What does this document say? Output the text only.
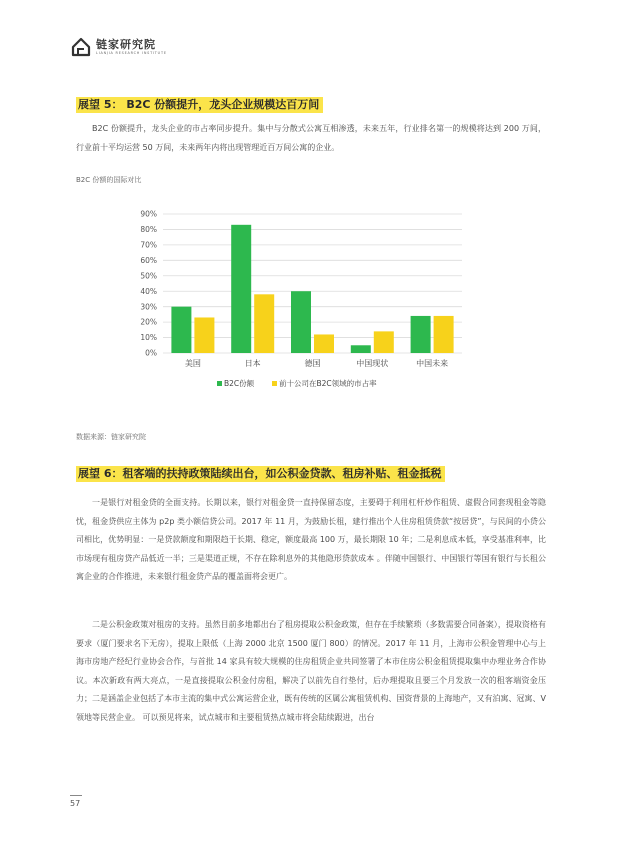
链家研究院
LIANJIA RESEARCH INSTITUTE
展望 5： B2C 份额提升，龙头企业规模达百万间

B2C 份额提升，龙头企业的市占率同步提升。集中与分散式公寓互相渗透，未来五年，行业排名第一的规模将达到 200 万间，行业前十平均运营 50 万间，未来两年内将出现管理近百万间公寓的企业。

B2C 份额的国际对比
0%
10%
20%
30%
40%
50%
60%
70%
80%
90%
美国	日本	德国	中国现状	中国未来
B2C份额	前十公司在B2C领域的市占率
数据来源：链家研究院
展望 6：租客端的扶持政策陆续出台，如公积金贷款、租房补贴、租金抵税

一是银行对租金贷的全面支持。长期以来，银行对租金贷一直持保留态度，主要碍于利用杠杆炒作租赁、虚假合同套现租金等隐忧，租金贷供应主体为 p2p 类小额信贷公司。2017 年 11 月，为鼓励长租，建行推出个人住房租赁贷款“按居贷”，与民间的小贷公司相比，优势明显：一是贷款额度和期限趋于长期、稳定，额度最高 100 万，最长期限 10 年；二是利息成本低，享受基准利率，比市场现有租房贷产品低近一半；三是渠道正规，不存在除利息外的其他隐形贷款成本 。伴随中国银行、中国银行等国有银行与长租公寓企业的合作推进，未来银行租金贷产品的覆盖面将会更广。

二是公积金政策对租房的支持。虽然目前多地都出台了租房提取公积金政策，但存在手续繁琐（多数需要合同备案），提取资格有要求（厦门要求名下无房），提取上限低（上海 2000 北京 1500 厦门 800）的情况。2017 年 11 月，上海市公积金管理中心与上海市房地产经纪行业协会合作，与首批 14 家具有较大规模的住房租赁企业共同签署了本市住房公积金租赁提取集中办理业务合作协议。本次新政有两大亮点，一是直接提取公积金付房租，解决了以前先自行垫付，后办理提取且要三个月发放一次的租客端资金压力；二是涵盖企业包括了本市主流的集中式公寓运营企业，既有传统的区属公寓租赁机构、国资背景的上海地产，又有泊寓、冠寓、V 领地等民营企业。 可以预见将来，试点城市和主要租赁热点城市将会陆续跟进，出台

57
